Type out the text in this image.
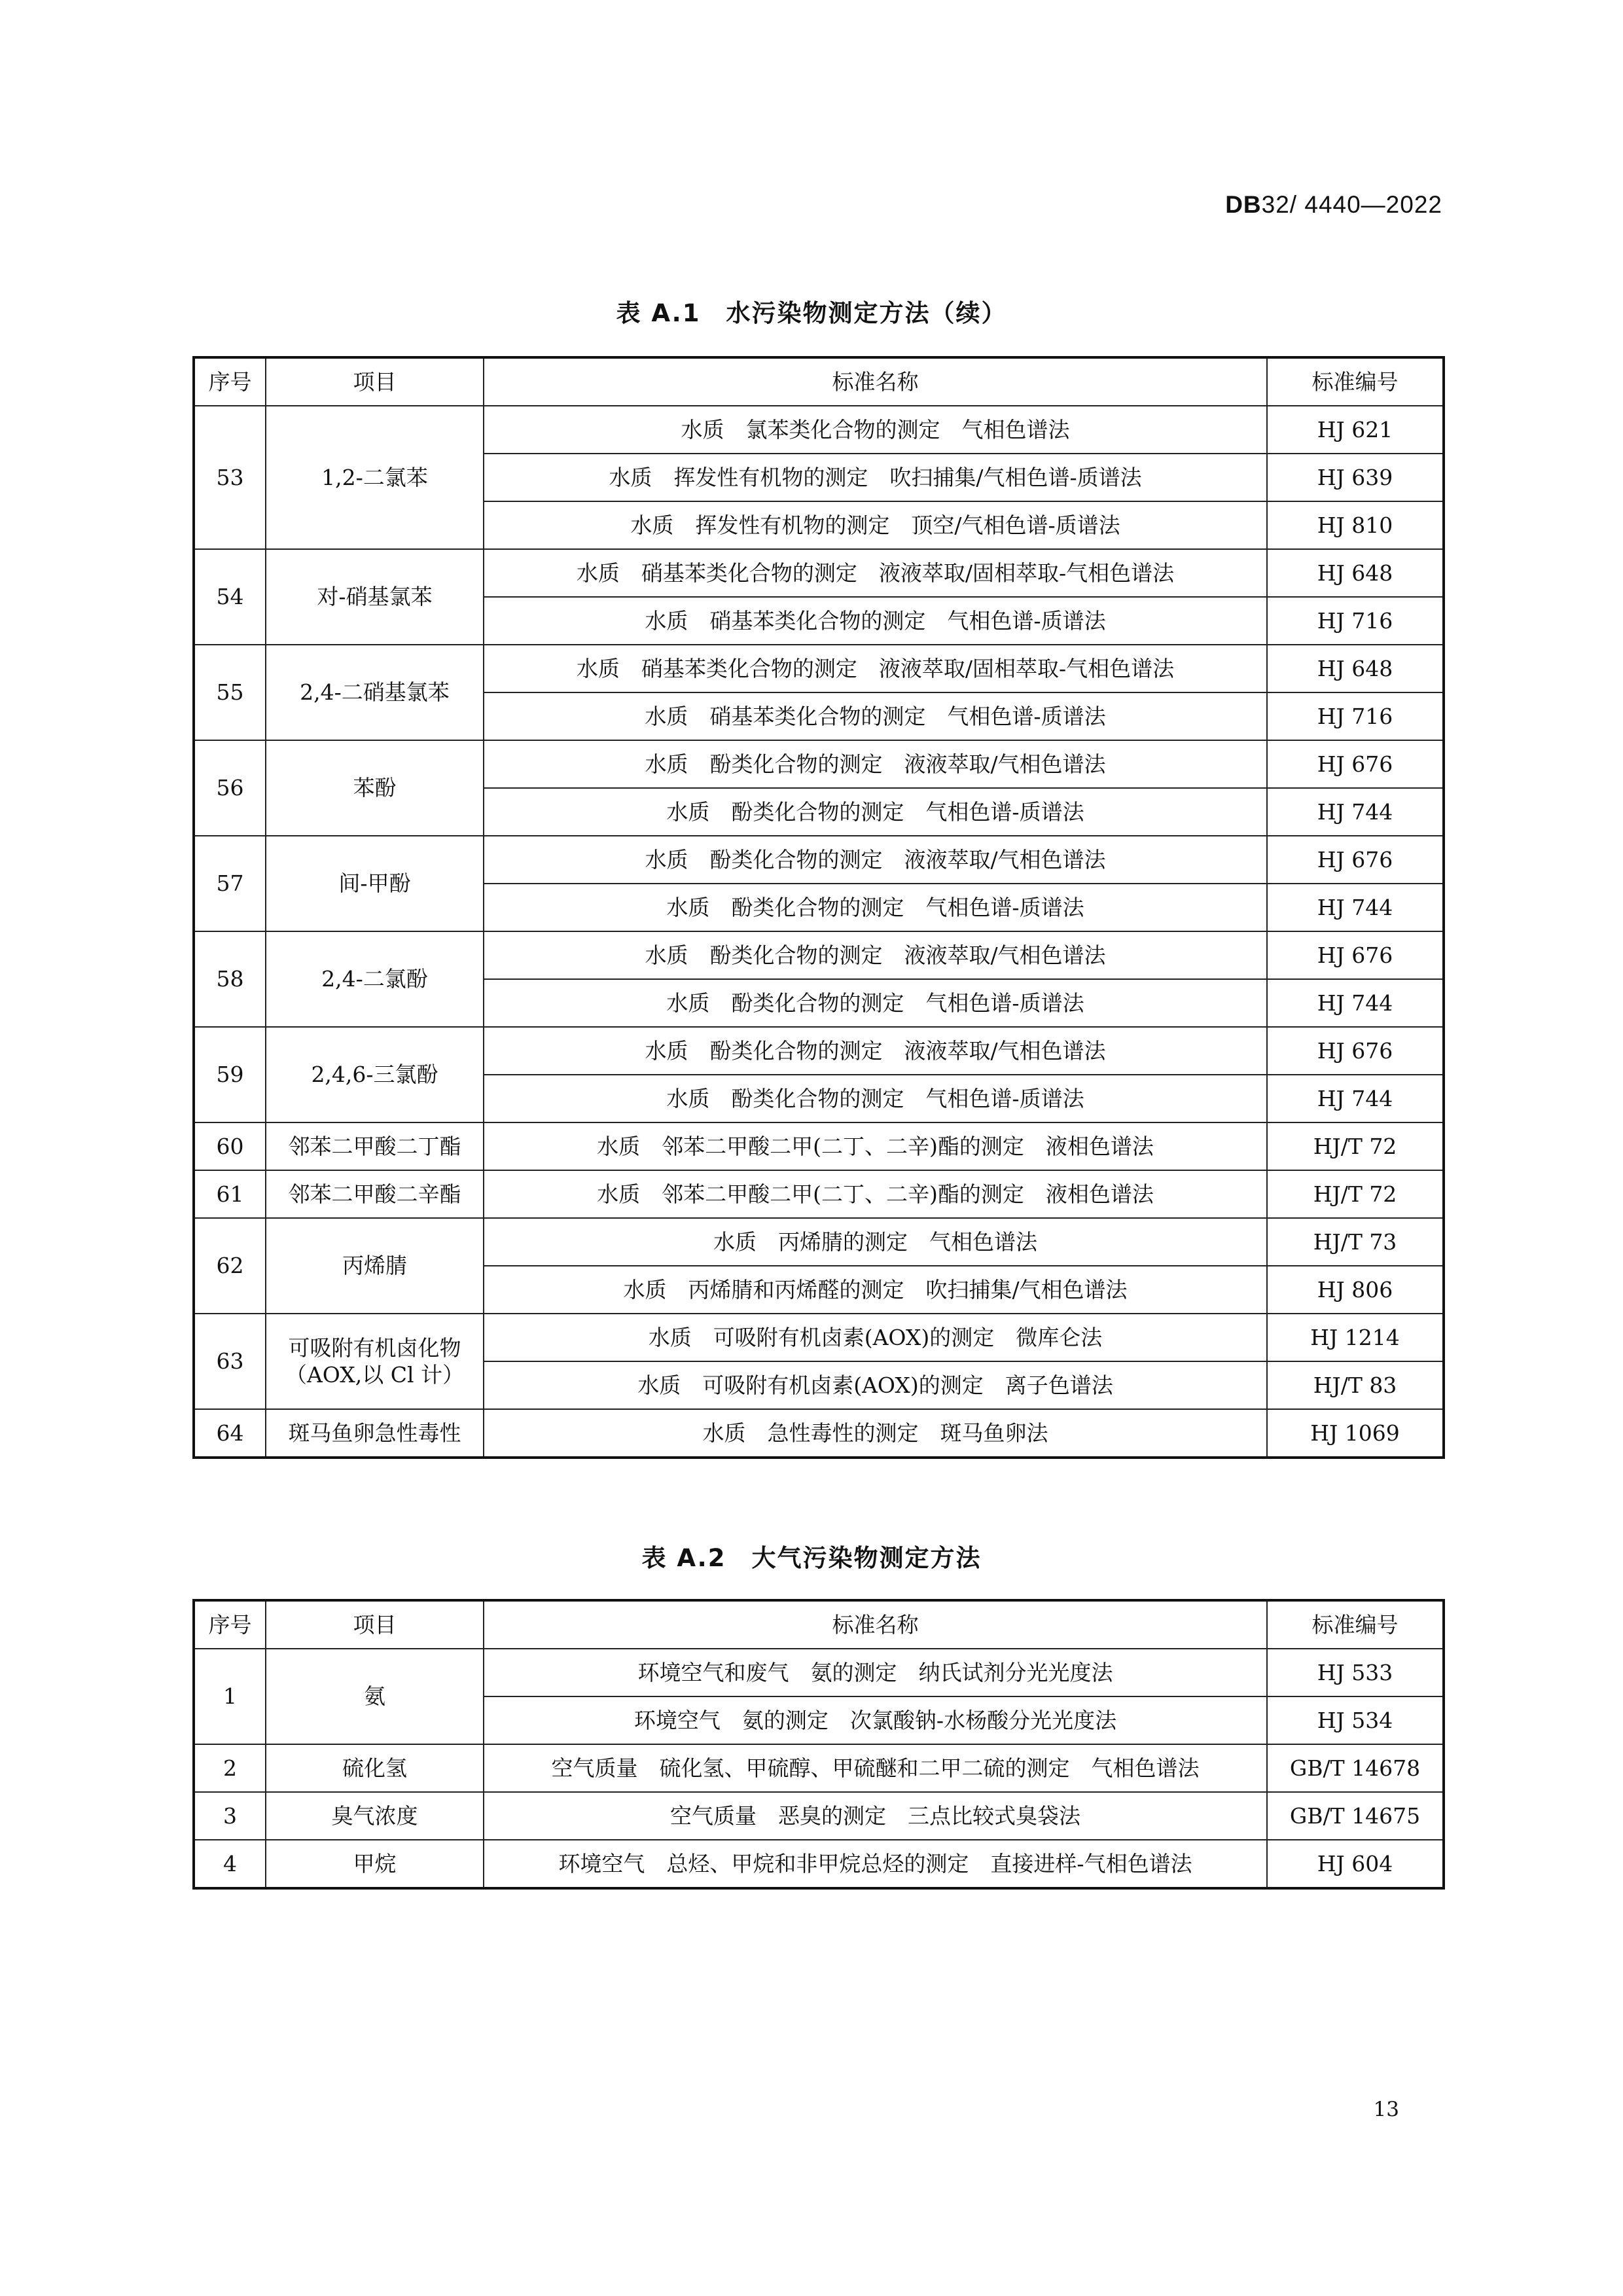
DB32/ 4440—2022
表 A.1　水污染物测定方法（续）
序号	项目	标准名称	标准编号
53	1,2-二氯苯	水质　氯苯类化合物的测定　气相色谱法	HJ 621
		水质　挥发性有机物的测定　吹扫捕集/气相色谱-质谱法	HJ 639
		水质　挥发性有机物的测定　顶空/气相色谱-质谱法	HJ 810
54	对-硝基氯苯	水质　硝基苯类化合物的测定　液液萃取/固相萃取-气相色谱法	HJ 648
		水质　硝基苯类化合物的测定　气相色谱-质谱法	HJ 716
55	2,4-二硝基氯苯	水质　硝基苯类化合物的测定　液液萃取/固相萃取-气相色谱法	HJ 648
		水质　硝基苯类化合物的测定　气相色谱-质谱法	HJ 716
56	苯酚	水质　酚类化合物的测定　液液萃取/气相色谱法	HJ 676
		水质　酚类化合物的测定　气相色谱-质谱法	HJ 744
57	间-甲酚	水质　酚类化合物的测定　液液萃取/气相色谱法	HJ 676
		水质　酚类化合物的测定　气相色谱-质谱法	HJ 744
58	2,4-二氯酚	水质　酚类化合物的测定　液液萃取/气相色谱法	HJ 676
		水质　酚类化合物的测定　气相色谱-质谱法	HJ 744
59	2,4,6-三氯酚	水质　酚类化合物的测定　液液萃取/气相色谱法	HJ 676
		水质　酚类化合物的测定　气相色谱-质谱法	HJ 744
60	邻苯二甲酸二丁酯	水质　邻苯二甲酸二甲(二丁、二辛)酯的测定　液相色谱法	HJ/T 72
61	邻苯二甲酸二辛酯	水质　邻苯二甲酸二甲(二丁、二辛)酯的测定　液相色谱法	HJ/T 72
62	丙烯腈	水质　丙烯腈的测定　气相色谱法	HJ/T 73
		水质　丙烯腈和丙烯醛的测定　吹扫捕集/气相色谱法	HJ 806
63	可吸附有机卤化物（AOX,以 Cl 计）	水质　可吸附有机卤素(AOX)的测定　微库仑法	HJ 1214
		水质　可吸附有机卤素(AOX)的测定　离子色谱法	HJ/T 83
64	斑马鱼卵急性毒性	水质　急性毒性的测定　斑马鱼卵法	HJ 1069
表 A.2　大气污染物测定方法
序号	项目	标准名称	标准编号
1	氨	环境空气和废气　氨的测定　纳氏试剂分光光度法	HJ 533
		环境空气　氨的测定　次氯酸钠-水杨酸分光光度法	HJ 534
2	硫化氢	空气质量　硫化氢、甲硫醇、甲硫醚和二甲二硫的测定　气相色谱法	GB/T 14678
3	臭气浓度	空气质量　恶臭的测定　三点比较式臭袋法	GB/T 14675
4	甲烷	环境空气　总烃、甲烷和非甲烷总烃的测定　直接进样-气相色谱法	HJ 604
13
